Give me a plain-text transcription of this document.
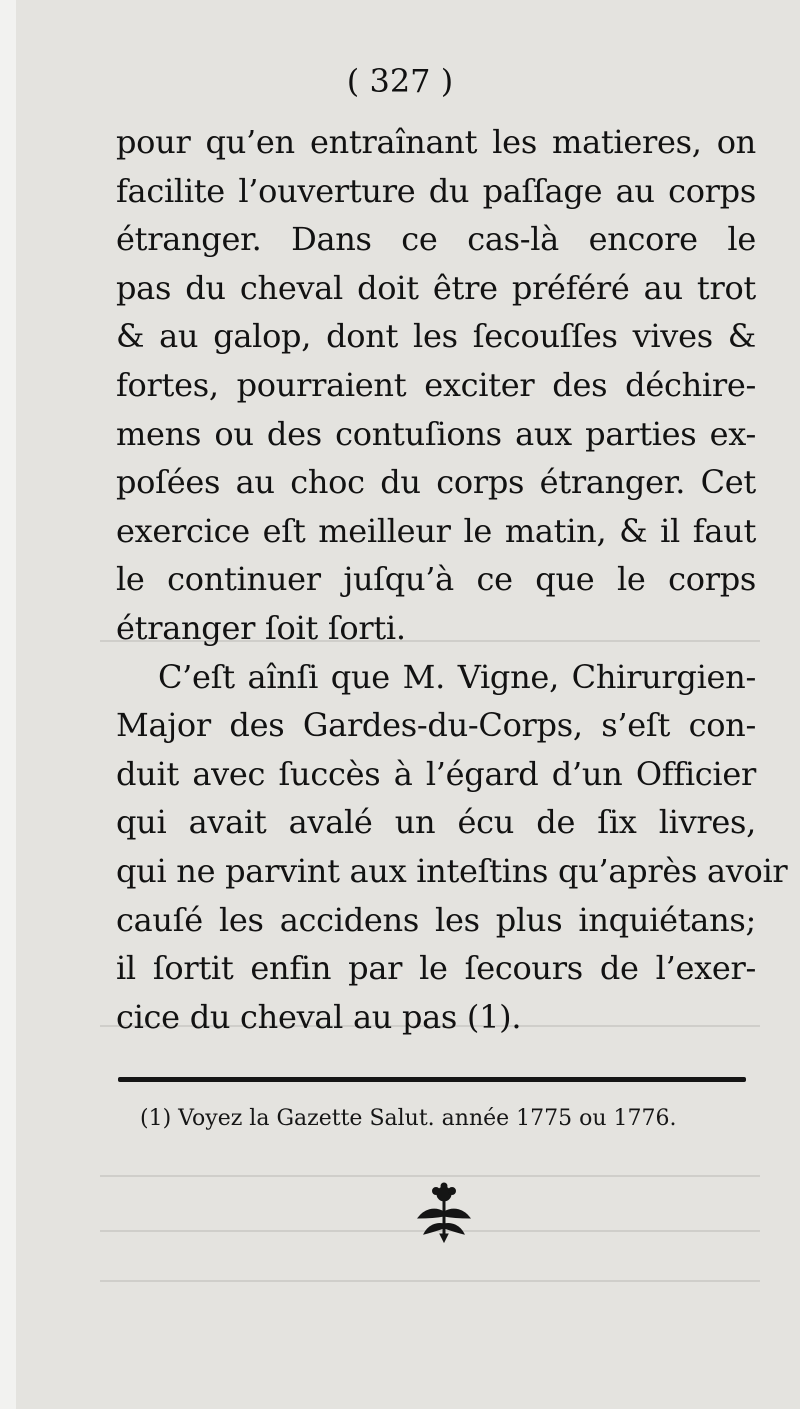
( 327 )
pour qu’en entraînant les matieres, on
facilite l’ouverture du paſſage au corps
étranger. Dans ce cas-là encore le
pas du cheval doit être préféré au trot
& au galop, dont les ſecouſſes vives &
fortes, pourraient exciter des déchire-
mens ou des contuſions aux parties ex-
poſées au choc du corps étranger. Cet
exercice eſt meilleur le matin, & il faut
le continuer juſqu’à ce que le corps
étranger ſoit ſorti.
C’eſt aînſi que M. Vigne, Chirurgien-
Major des Gardes-du-Corps, s’eſt con-
duit avec ſuccès à l’égard d’un Officier
qui avait avalé un écu de ſix livres,
qui ne parvint aux inteſtins qu’après avoir
cauſé les accidens les plus inquiétans;
il ſortit enfin par le ſecours de l’exer-
cice du cheval au pas (1).
(1) Voyez la Gazette Salut. année 1775 ou 1776.
